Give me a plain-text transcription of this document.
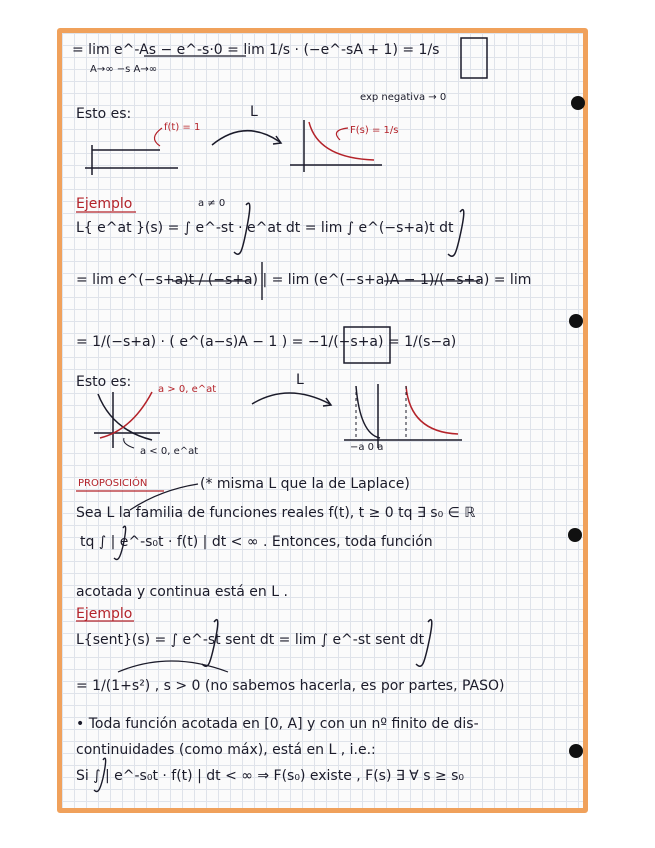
= lim e^-As − e^-s·0 = lim 1/s · (−e^-sA + 1) = 1/s
A→∞ −s A→∞
exp negativa → 0
Esto es:
f(t) = 1
L
F(s) = 1/s
Ejemplo	a ≠ 0
L{ e^at }(s) = ∫ e^-st · e^at dt = lim ∫ e^(−s+a)t dt
= lim e^(−s+a)t / (−s+a) | = lim (e^(−s+a)A − 1)/(−s+a) = lim
= 1/(−s+a) · ( e^(a−s)A − 1 ) = −1/(−s+a) = 1/(s−a)
Esto es:	a > 0, e^at
a < 0, e^at
L
−a 0 a
PROPOSICIÓN	(* misma L que la de Laplace)
Sea L la familia de funciones reales f(t), t ≥ 0 tq ∃ s₀ ∈ ℝ
tq ∫ | e^-s₀t · f(t) | dt < ∞ . Entonces, toda función
acotada y continua está en L .
Ejemplo
L{sent}(s) = ∫ e^-st sent dt = lim ∫ e^-st sent dt
= 1/(1+s²) , s > 0 (no sabemos hacerla, es por partes, PASO)
• Toda función acotada en [0, A] y con un nº finito de dis-
continuidades (como máx), está en L , i.e.:
Si ∫ | e^-s₀t · f(t) | dt < ∞ ⇒ F(s₀) existe , F(s) ∃ ∀ s ≥ s₀
